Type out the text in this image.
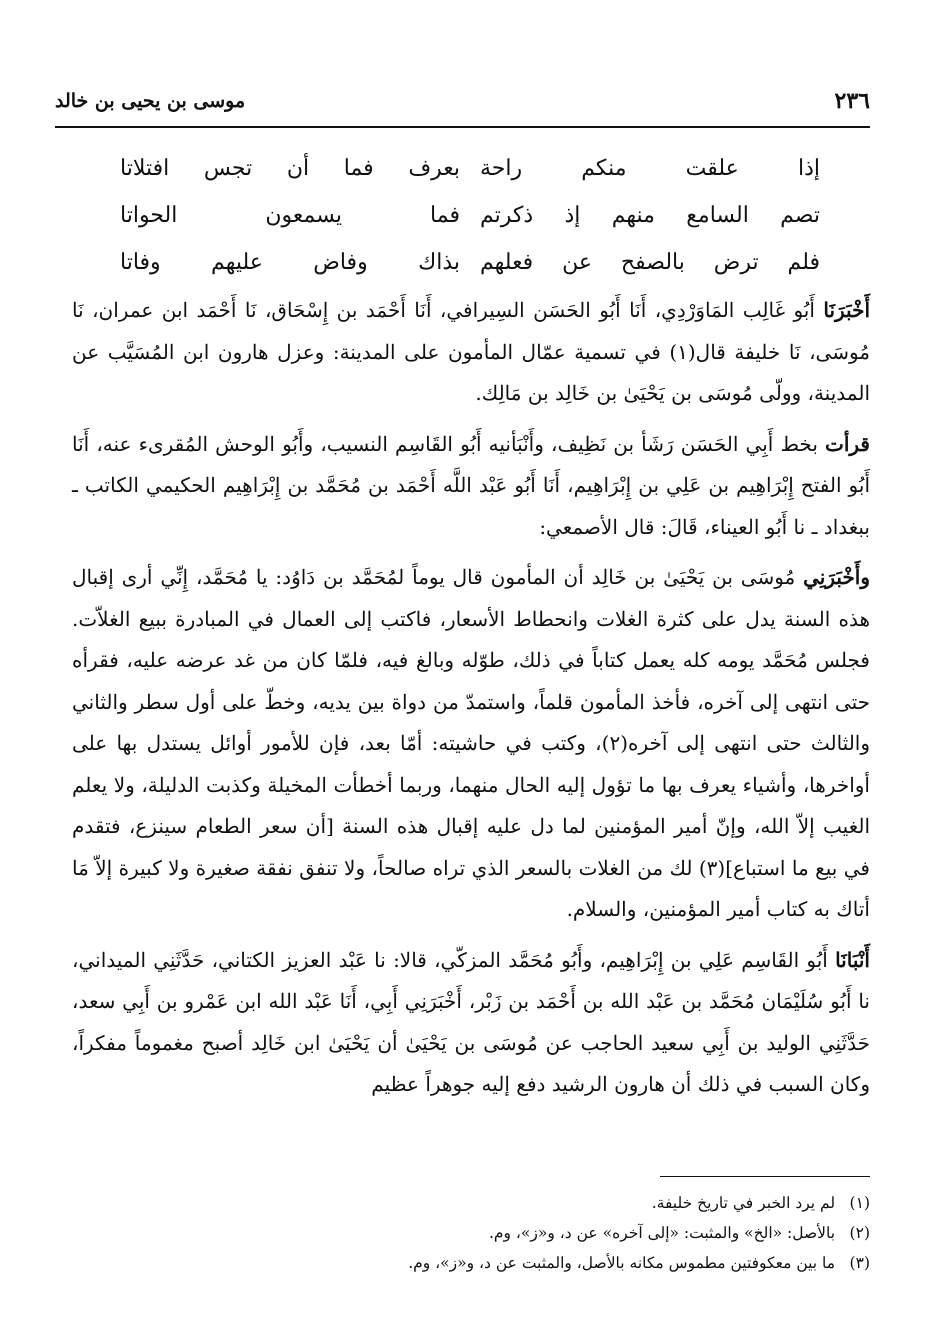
٢٣٦
موسى بن يحيى بن خالد
إذا علقت منكم راحة
بعرف فما أن تجس افتلاتا
تصم السامع منهم إذ ذكرتم
فما يسمعون الحواتا
فلم ترض بالصفح عن فعلهم
بذاك وفاض عليهم وفاتا

أَخْبَرَنَا أَبُو غَالِب المَاوَرْدِي، أَنَا أَبُو الحَسَن السِيرافي، أَنَا أَحْمَد بن إِسْحَاق، نَا أَحْمَد ابن عمران، نَا مُوسَى، نَا خليفة قال(١) في تسمية عمّال المأمون على المدينة: وعزل هارون ابن المُسَيَّب عن المدينة، وولّى مُوسَى بن يَحْيَىٰ بن خَالِد بن مَالِك.

قرأت بخط أَبِي الحَسَن رَشَأ بن نَظِيف، وأَنْبَأنيه أَبُو القَاسِم النسيب، وأَبُو الوحش المُقرىء عنه، أَنَا أَبُو الفتح إِبْرَاهِيم بن عَلِي بن إِبْرَاهِيم، أَنَا أَبُو عَبْد اللَّه أَحْمَد بن مُحَمَّد بن إِبْرَاهِيم الحكيمي الكاتب ـ ببغداد ـ نا أَبُو العيناء، قَالَ: قال الأصمعي:

وأَخْبَرَنِي مُوسَى بن يَحْيَىٰ بن خَالِد أن المأمون قال يوماً لمُحَمَّد بن دَاوُد: يا مُحَمَّد، إِنِّي أرى إقبال هذه السنة يدل على كثرة الغلات وانحطاط الأسعار، فاكتب إلى العمال في المبادرة ببيع الغلاّت. فجلس مُحَمَّد يومه كله يعمل كتاباً في ذلك، طوّله وبالغ فيه، فلمّا كان من غد عرضه عليه، فقرأه حتى انتهى إلى آخره، فأخذ المأمون قلماً، واستمدّ من دواة بين يديه، وخطّ على أول سطر والثاني والثالث حتى انتهى إلى آخره(٢)، وكتب في حاشيته: أمّا بعد، فإن للأمور أوائل يستدل بها على أواخرها، وأشياء يعرف بها ما تؤول إليه الحال منهما، وربما أخطأت المخيلة وكذبت الدليلة، ولا يعلم الغيب إلاّ الله، وإنّ أمير المؤمنين لما دل عليه إقبال هذه السنة [أن سعر الطعام سينزع، فتقدم في بيع ما استباع](٣) لك من الغلات بالسعر الذي تراه صالحاً، ولا تنفق نفقة صغيرة ولا كبيرة إلاّ مَا أتاك به كتاب أمير المؤمنين، والسلام.

أَنْبَانَا أَبُو القَاسِم عَلِي بن إِبْرَاهِيم، وأَبُو مُحَمَّد المزكّي، قالا: نا عَبْد العزيز الكتاني، حَدَّثَنِي الميداني، نا أَبُو سُلَيْمَان مُحَمَّد بن عَبْد الله بن أَحْمَد بن زَبْر، أَخْبَرَنِي أَبِي، أَنَا عَبْد الله ابن عَمْرو بن أَبِي سعد، حَدَّثَنِي الوليد بن أَبِي سعيد الحاجب عن مُوسَى بن يَحْيَىٰ أن يَحْيَىٰ ابن خَالِد أصبح مغموماً مفكراً، وكان السبب في ذلك أن هارون الرشيد دفع إليه جوهراً عظيم

(١) لم يرد الخبر في تاريخ خليفة.
(٢) بالأصل: «الخ» والمثبت: «إلى آخره» عن د، و«ز»، وم.
(٣) ما بين معكوفتين مطموس مكانه بالأصل، والمثبت عن د، و«ز»، وم.
